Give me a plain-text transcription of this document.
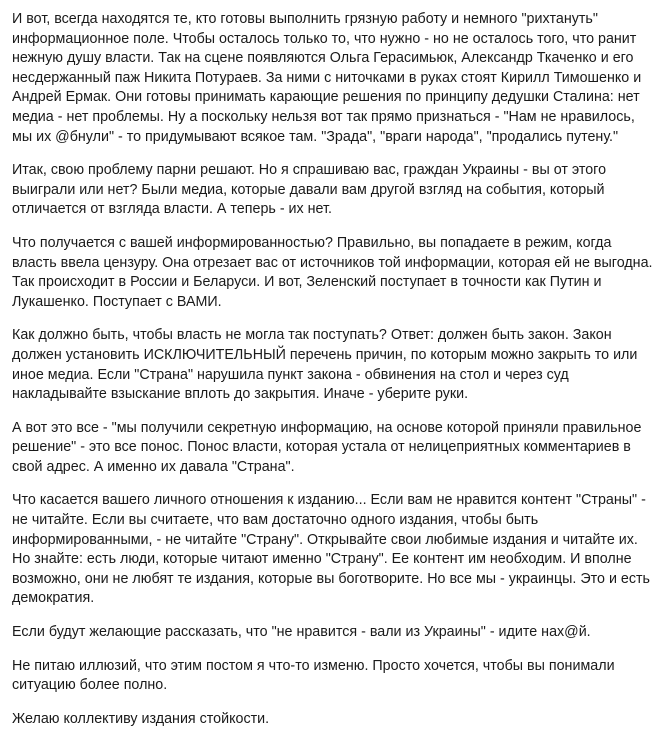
И вот, всегда находятся те, кто готовы выполнить грязную работу и немного "рихтануть" информационное поле. Чтобы осталось только то, что нужно - но не осталось того, что ранит нежную душу власти. Так на сцене появляются Ольга Герасимьюк, Александр Ткаченко и его несдержанный паж Никита Потураев. За ними с ниточками в руках стоят Кирилл Тимошенко и Андрей Ермак. Они готовы принимать карающие решения по принципу дедушки Сталина: нет медиа - нет проблемы. Ну а поскольку нельзя вот так прямо признаться - "Нам не нравилось, мы их @бнули" - то придумывают всякое там. "Зрада", "враги народа", "продались путену."

Итак, свою проблему парни решают. Но я спрашиваю вас, граждан Украины - вы от этого выиграли или нет? Были медиа, которые давали вам другой взгляд на события, который отличается от взгляда власти. А теперь - их нет.

Что получается с вашей информированностью? Правильно, вы попадаете в режим, когда власть ввела цензуру. Она отрезает вас от источников той информации, которая ей не выгодна. Так происходит в России и Беларуси. И вот, Зеленский поступает в точности как Путин и Лукашенко. Поступает с ВАМИ.

Как должно быть, чтобы власть не могла так поступать? Ответ: должен быть закон. Закон должен установить ИСКЛЮЧИТЕЛЬНЫЙ перечень причин, по которым можно закрыть то или иное медиа. Если "Страна" нарушила пункт закона - обвинения на стол и через суд накладывайте взыскание вплоть до закрытия. Иначе - уберите руки.

А вот это все - "мы получили секретную информацию, на основе которой приняли правильное решение" - это все понос. Понос власти, которая устала от нелицеприятных комментариев в свой адрес. А именно их давала "Страна".

Что касается вашего личного отношения к изданию... Если вам не нравится контент "Страны" - не читайте. Если вы считаете, что вам достаточно одного издания, чтобы быть информированными, - не читайте "Страну". Открывайте свои любимые издания и читайте их. Но знайте: есть люди, которые читают именно "Страну". Ее контент им необходим. И вполне возможно, они не любят те издания, которые вы боготворите. Но все мы - украинцы. Это и есть демократия.

Если будут желающие рассказать, что "не нравится - вали из Украины" - идите нах@й.

Не питаю иллюзий, что этим постом я что-то изменю. Просто хочется, чтобы вы понимали ситуацию более полно.

Желаю коллективу издания стойкости.
